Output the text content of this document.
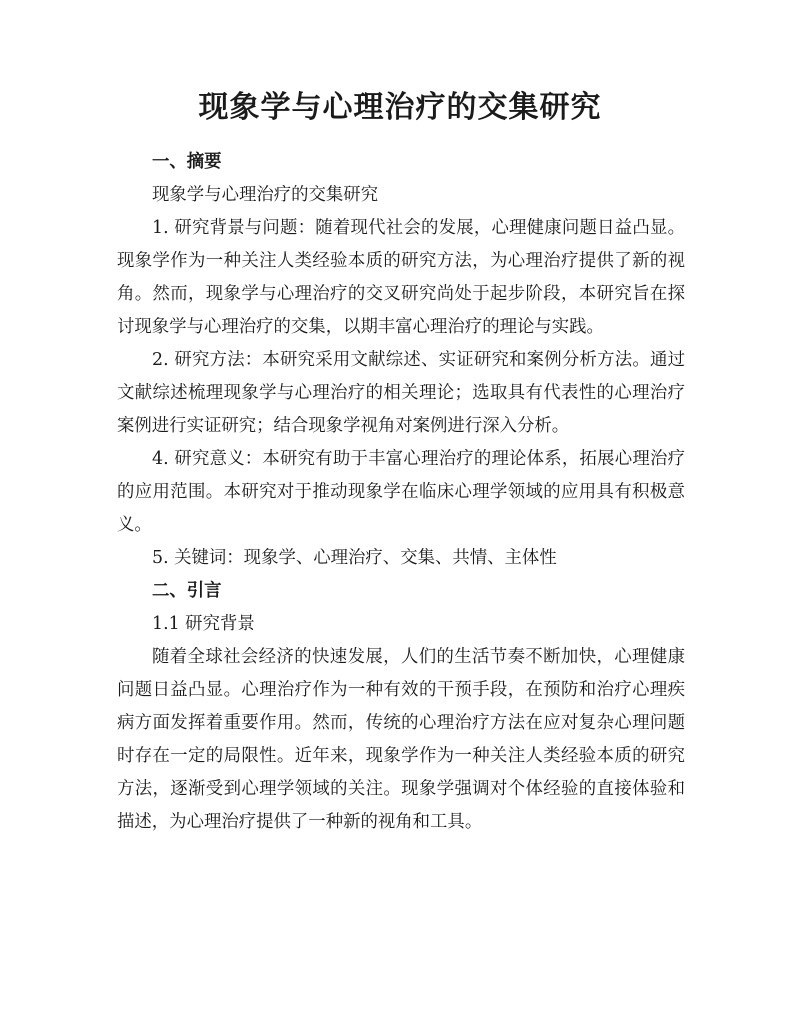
现象学与心理治疗的交集研究

一、摘要

现象学与心理治疗的交集研究

1. 研究背景与问题：随着现代社会的发展，心理健康问题日益凸显。现象学作为一种关注人类经验本质的研究方法，为心理治疗提供了新的视角。然而，现象学与心理治疗的交叉研究尚处于起步阶段，本研究旨在探讨现象学与心理治疗的交集，以期丰富心理治疗的理论与实践。

2. 研究方法：本研究采用文献综述、实证研究和案例分析方法。通过文献综述梳理现象学与心理治疗的相关理论；选取具有代表性的心理治疗案例进行实证研究；结合现象学视角对案例进行深入分析。

4. 研究意义：本研究有助于丰富心理治疗的理论体系，拓展心理治疗的应用范围。本研究对于推动现象学在临床心理学领域的应用具有积极意义。

5. 关键词：现象学、心理治疗、交集、共情、主体性

二、引言

1.1 研究背景

随着全球社会经济的快速发展，人们的生活节奏不断加快，心理健康问题日益凸显。心理治疗作为一种有效的干预手段，在预防和治疗心理疾病方面发挥着重要作用。然而，传统的心理治疗方法在应对复杂心理问题时存在一定的局限性。近年来，现象学作为一种关注人类经验本质的研究方法，逐渐受到心理学领域的关注。现象学强调对个体经验的直接体验和描述，为心理治疗提供了一种新的视角和工具。
